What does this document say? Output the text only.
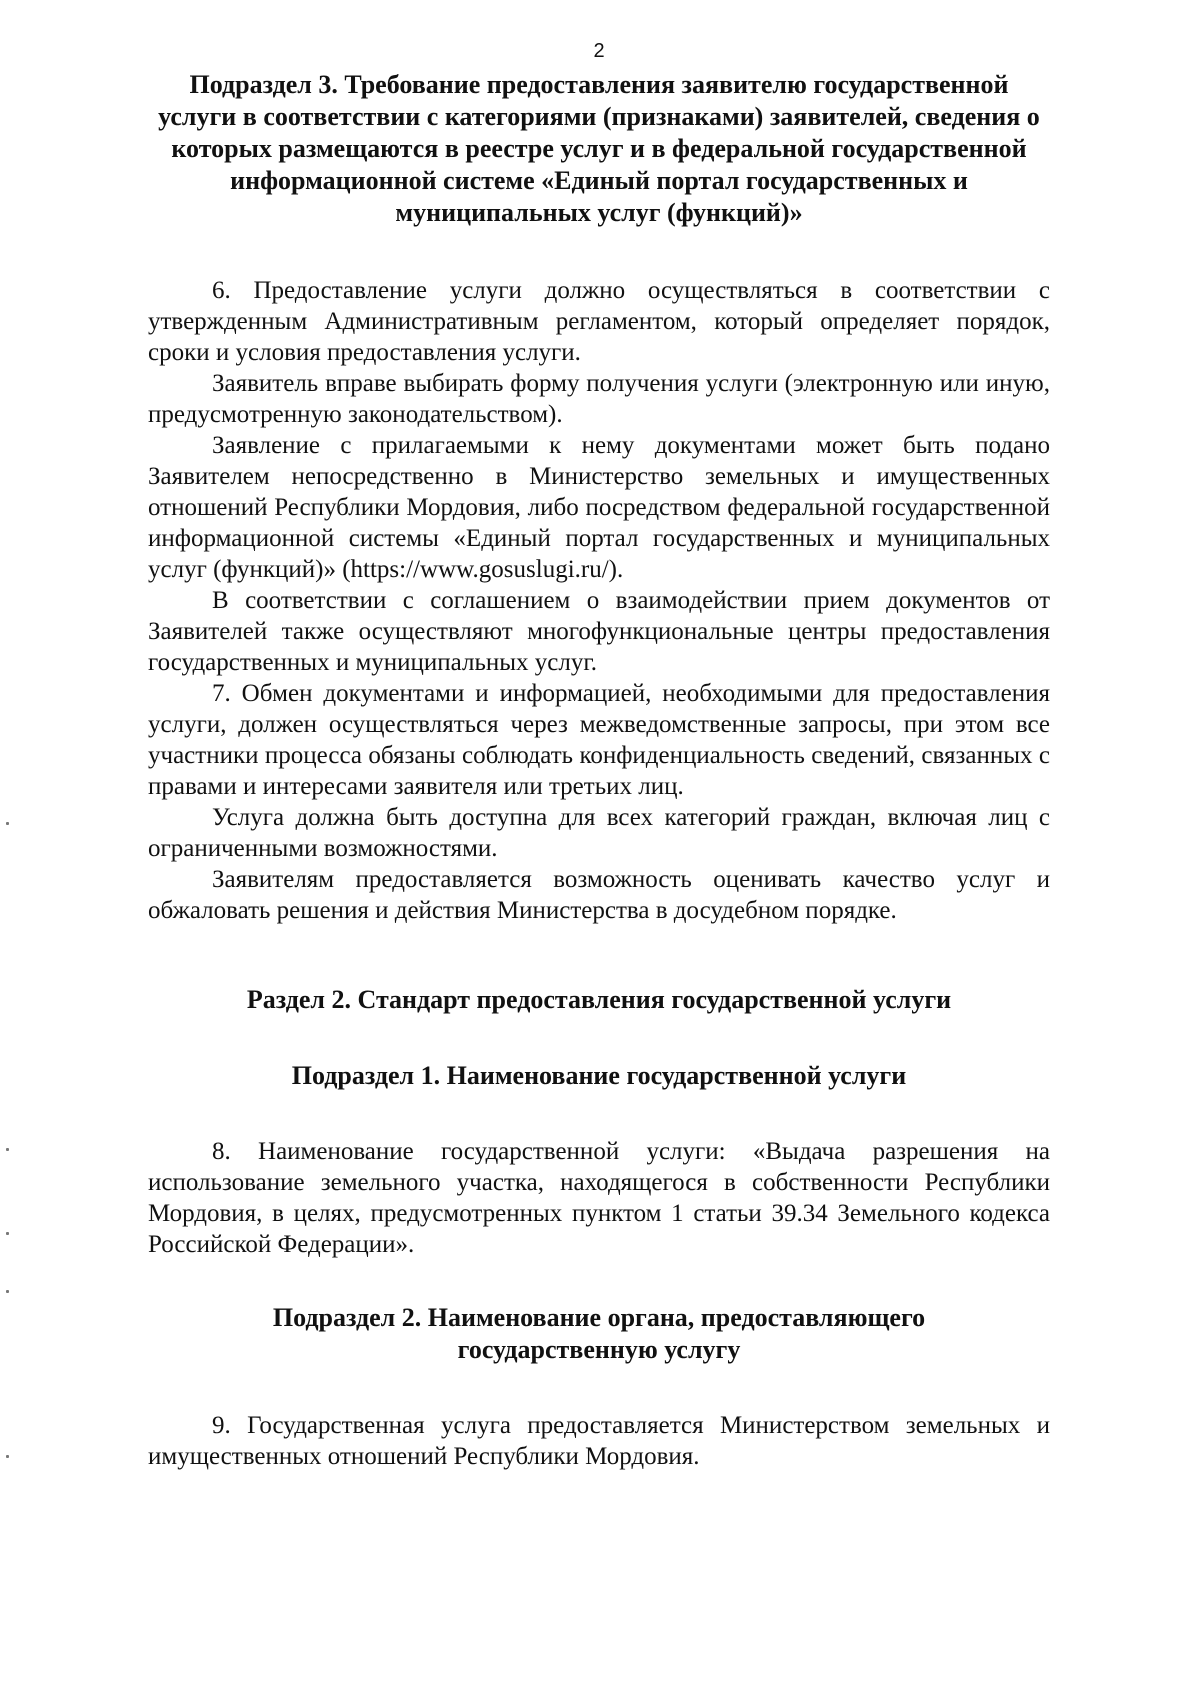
2
Подраздел 3. Требование предоставления заявителю государственной
услуги в соответствии с категориями (признаками) заявителей, сведения о
которых размещаются в реестре услуг и в федеральной государственной
информационной системе «Единый портал государственных и
муниципальных услуг (функций)»

6. Предоставление услуги должно осуществляться в соответствии с утвержденным Административным регламентом, который определяет порядок, сроки и условия предоставления услуги.

Заявитель вправе выбирать форму получения услуги (электронную или иную, предусмотренную законодательством).

Заявление с прилагаемыми к нему документами может быть подано Заявителем непосредственно в Министерство земельных и имущественных отношений Республики Мордовия, либо посредством федеральной государственной информационной системы «Единый портал государственных и муниципальных услуг (функций)» (https://www.gosuslugi.ru/).

В соответствии с соглашением о взаимодействии прием документов от Заявителей также осуществляют многофункциональные центры предоставления государственных и муниципальных услуг.

7. Обмен документами и информацией, необходимыми для предоставления услуги, должен осуществляться через межведомственные запросы, при этом все участники процесса обязаны соблюдать конфиденциальность сведений, связанных с правами и интересами заявителя или третьих лиц.

Услуга должна быть доступна для всех категорий граждан, включая лиц с ограниченными возможностями.

Заявителям предоставляется возможность оценивать качество услуг и обжаловать решения и действия Министерства в досудебном порядке.

Раздел 2. Стандарт предоставления государственной услуги
Подраздел 1. Наименование государственной услуги

8. Наименование государственной услуги: «Выдача разрешения на использование земельного участка, находящегося в собственности Республики Мордовия, в целях, предусмотренных пунктом 1 статьи 39.34 Земельного кодекса Российской Федерации».

Подраздел 2. Наименование органа, предоставляющего
государственную услугу

9. Государственная услуга предоставляется Министерством земельных и имущественных отношений Республики Мордовия.
